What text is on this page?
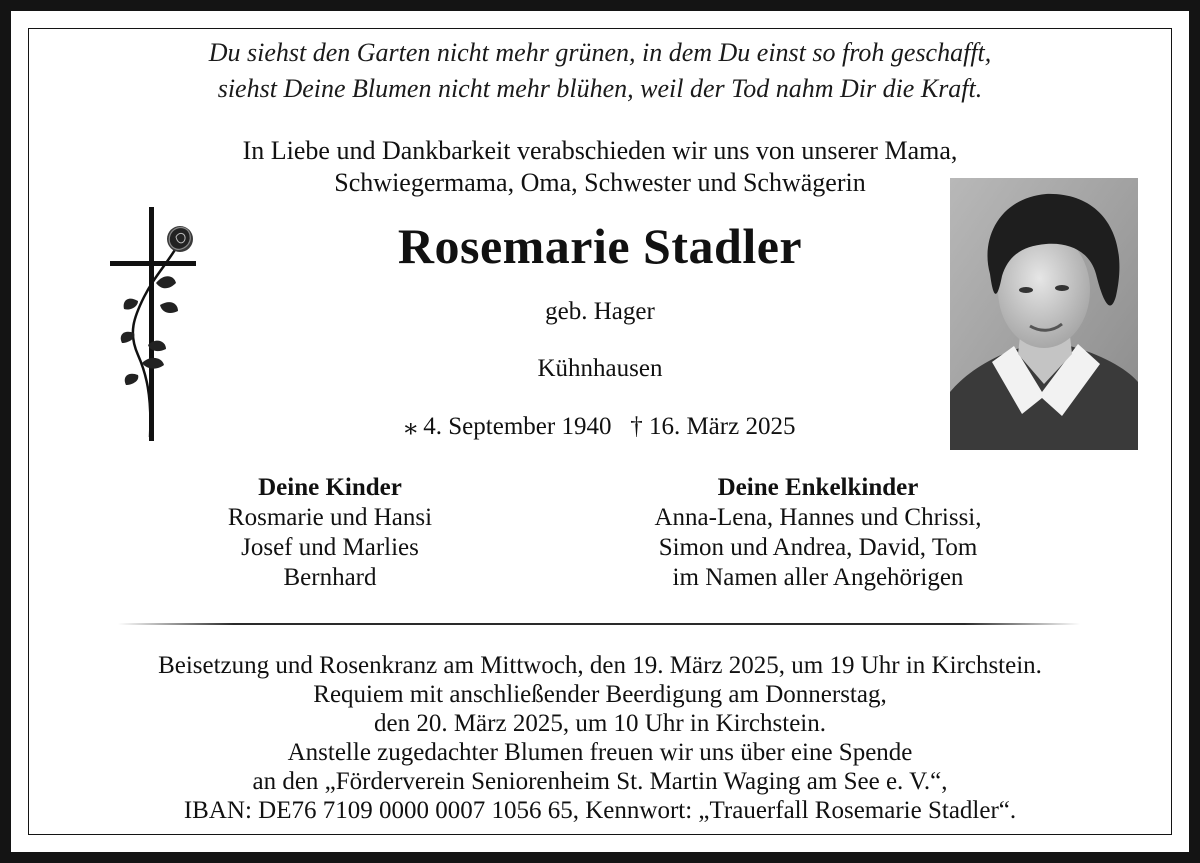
Du siehst den Garten nicht mehr grünen, in dem Du einst so froh geschafft,
siehst Deine Blumen nicht mehr blühen, weil der Tod nahm Dir die Kraft.
In Liebe und Dankbarkeit verabschieden wir uns von unserer Mama,
Schwiegermama, Oma, Schwester und Schwägerin
Rosemarie Stadler
geb. Hager
Kühnhausen
⁎ 4. September 1940 † 16. März 2025
Deine Kinder
Rosmarie und Hansi
Josef und Marlies
Bernhard
Deine Enkelkinder
Anna-Lena, Hannes und Chrissi,
Simon und Andrea, David, Tom
im Namen aller Angehörigen
Beisetzung und Rosenkranz am Mittwoch, den 19. März 2025, um 19 Uhr in Kirchstein.
Requiem mit anschließender Beerdigung am Donnerstag,
den 20. März 2025, um 10 Uhr in Kirchstein.
Anstelle zugedachter Blumen freuen wir uns über eine Spende
an den „Förderverein Seniorenheim St. Martin Waging am See e. V.“,
IBAN: DE76 7109 0000 0007 1056 65, Kennwort: „Trauerfall Rosemarie Stadler“.
